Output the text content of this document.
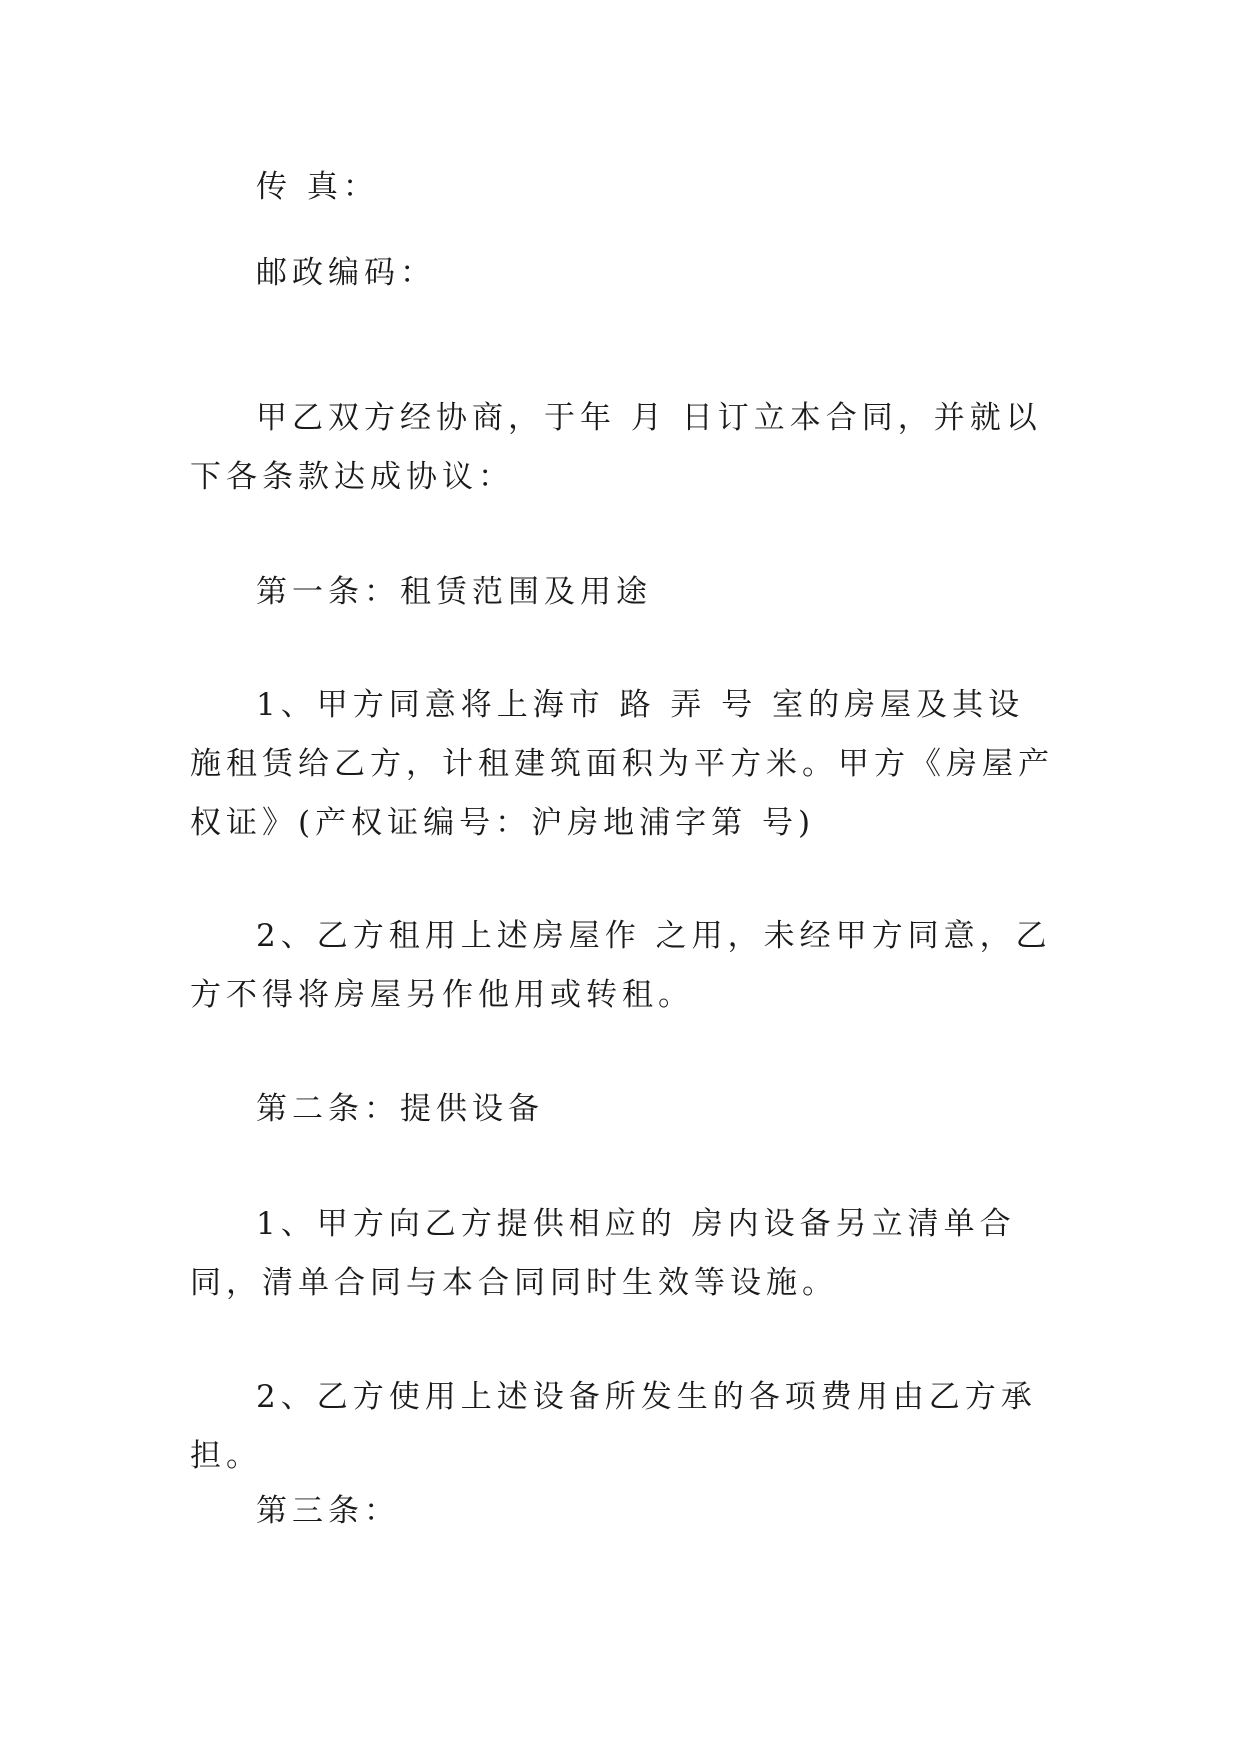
传 真：

邮政编码：

甲乙双方经协商，于年 月 日订立本合同，并就以下各条款达成协议：

第一条：租赁范围及用途

1、甲方同意将上海市 路 弄 号 室的房屋及其设施租赁给乙方，计租建筑面积为平方米。甲方《房屋产权证》(产权证编号：沪房地浦字第 号)

2、乙方租用上述房屋作 之用，未经甲方同意，乙方不得将房屋另作他用或转租。

第二条：提供设备

1、甲方向乙方提供相应的 房内设备另立清单合同，清单合同与本合同同时生效等设施。

2、乙方使用上述设备所发生的各项费用由乙方承担。

第三条：
